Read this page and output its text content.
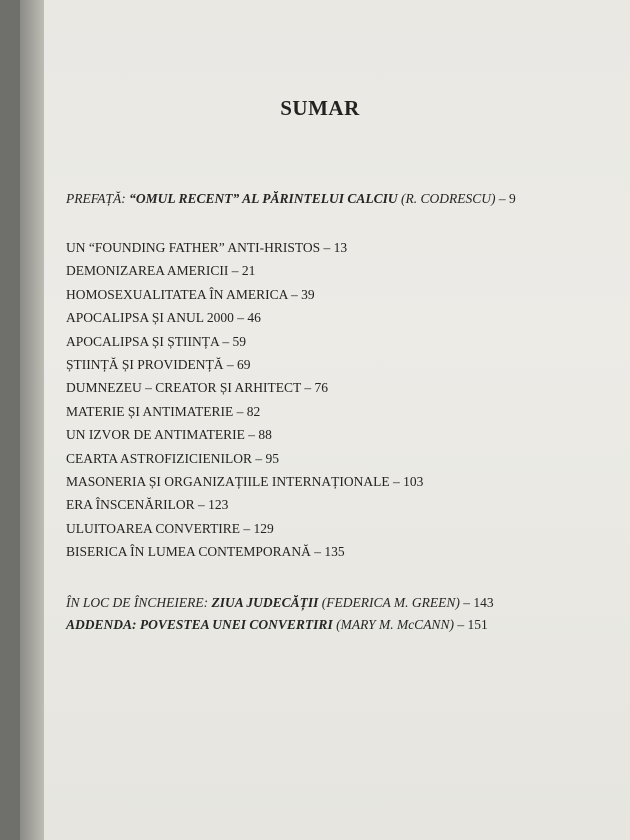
SUMAR
PREFAȚĂ: “OMUL RECENT” AL PĂRINTELUI CALCIU (R. CODRESCU) – 9
UN “FOUNDING FATHER” ANTI-HRISTOS – 13
DEMONIZAREA AMERICII – 21
HOMOSEXUALITATEA ÎN AMERICA – 39
APOCALIPSA ȘI ANUL 2000 – 46
APOCALIPSA ȘI ȘTIINȚA – 59
ȘTIINȚĂ ȘI PROVIDENȚĂ – 69
DUMNEZEU – CREATOR ȘI ARHITECT – 76
MATERIE ȘI ANTIMATERIE – 82
UN IZVOR DE ANTIMATERIE – 88
CEARTA ASTROFIZICIENILOR – 95
MASONERIA ȘI ORGANIZAȚIILE INTERNAȚIONALE – 103
ERA ÎNSCENĂRILOR – 123
ULUITOAREA CONVERTIRE – 129
BISERICA ÎN LUMEA CONTEMPORANĂ – 135
ÎN LOC DE ÎNCHEIERE: ZIUA JUDECĂȚII (FEDERICA M. GREEN) – 143
ADDENDA: POVESTEA UNEI CONVERTIRI (MARY M. McCANN) – 151
